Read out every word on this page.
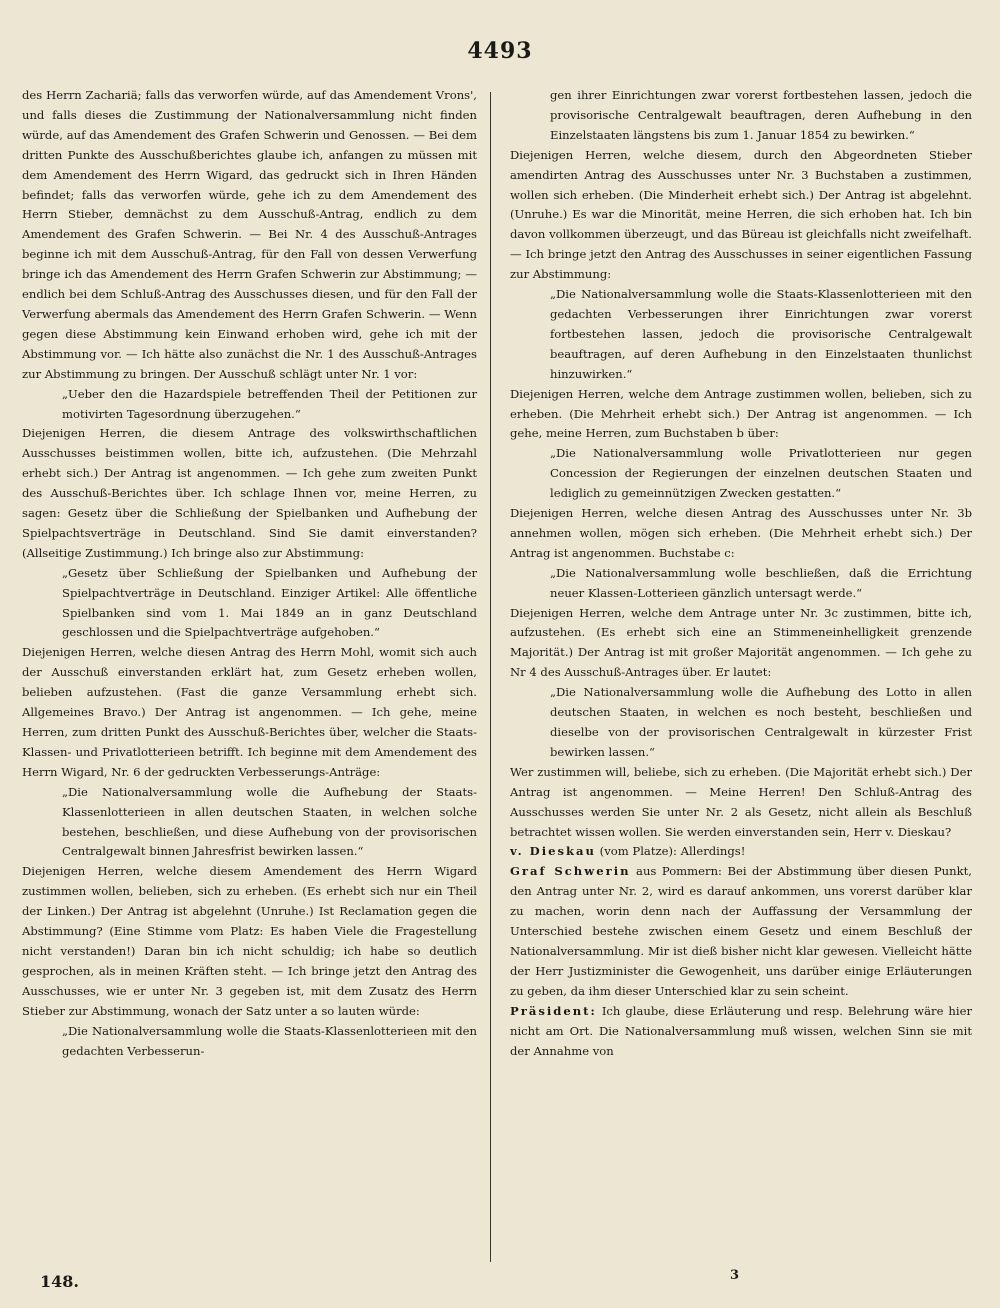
4493

des Herrn Zachariä; falls das verworfen würde, auf das Amendement Vrons', und falls dieses die Zustimmung der Nationalversammlung nicht finden würde, auf das Amendement des Grafen Schwerin und Genossen. — Bei dem dritten Punkte des Ausschußberichtes glaube ich, anfangen zu müssen mit dem Amendement des Herrn Wigard, das gedruckt sich in Ihren Händen befindet; falls das verworfen würde, gehe ich zu dem Amendement des Herrn Stieber, demnächst zu dem Ausschuß-Antrag, endlich zu dem Amendement des Grafen Schwerin. — Bei Nr. 4 des Ausschuß-Antrages beginne ich mit dem Ausschuß-Antrag, für den Fall von dessen Verwerfung bringe ich das Amendement des Herrn Grafen Schwerin zur Abstimmung; — endlich bei dem Schluß-Antrag des Ausschusses diesen, und für den Fall der Verwerfung abermals das Amendement des Herrn Grafen Schwerin. — Wenn gegen diese Abstimmung kein Einwand erhoben wird, gehe ich mit der Abstimmung vor. — Ich hätte also zunächst die Nr. 1 des Ausschuß-Antrages zur Abstimmung zu bringen. Der Ausschuß schlägt unter Nr. 1 vor:

„Ueber den die Hazardspiele betreffenden Theil der Petitionen zur motivirten Tagesordnung überzugehen.“

Diejenigen Herren, die diesem Antrage des volkswirthschaftlichen Ausschusses beistimmen wollen, bitte ich, aufzustehen. (Die Mehrzahl erhebt sich.) Der Antrag ist angenommen. — Ich gehe zum zweiten Punkt des Ausschuß-Berichtes über. Ich schlage Ihnen vor, meine Herren, zu sagen: Gesetz über die Schließung der Spielbanken und Aufhebung der Spielpachtsverträge in Deutschland. Sind Sie damit einverstanden? (Allseitige Zustimmung.) Ich bringe also zur Abstimmung:

„Gesetz über Schließung der Spielbanken und Aufhebung der Spielpachtverträge in Deutschland. Einziger Artikel: Alle öffentliche Spielbanken sind vom 1. Mai 1849 an in ganz Deutschland geschlossen und die Spielpachtverträge aufgehoben.“

Diejenigen Herren, welche diesen Antrag des Herrn Mohl, womit sich auch der Ausschuß einverstanden erklärt hat, zum Gesetz erheben wollen, belieben aufzustehen. (Fast die ganze Versammlung erhebt sich. Allgemeines Bravo.) Der Antrag ist angenommen. — Ich gehe, meine Herren, zum dritten Punkt des Ausschuß-Berichtes über, welcher die Staats-Klassen- und Privatlotterieen betrifft. Ich beginne mit dem Amendement des Herrn Wigard, Nr. 6 der gedruckten Verbesserungs-Anträge:

„Die Nationalversammlung wolle die Aufhebung der Staats-Klassenlotterieen in allen deutschen Staaten, in welchen solche bestehen, beschließen, und diese Aufhebung von der provisorischen Centralgewalt binnen Jahresfrist bewirken lassen.“

Diejenigen Herren, welche diesem Amendement des Herrn Wigard zustimmen wollen, belieben, sich zu erheben. (Es erhebt sich nur ein Theil der Linken.) Der Antrag ist abgelehnt (Unruhe.) Ist Reclamation gegen die Abstimmung? (Eine Stimme vom Platz: Es haben Viele die Fragestellung nicht verstanden!) Daran bin ich nicht schuldig; ich habe so deutlich gesprochen, als in meinen Kräften steht. — Ich bringe jetzt den Antrag des Ausschusses, wie er unter Nr. 3 gegeben ist, mit dem Zusatz des Herrn Stieber zur Abstimmung, wonach der Satz unter a so lauten würde:

„Die Nationalversammlung wolle die Staats-Klassenlotterieen mit den gedachten Verbesserun-

gen ihrer Einrichtungen zwar vorerst fortbestehen lassen, jedoch die provisorische Centralgewalt beauftragen, deren Aufhebung in den Einzelstaaten längstens bis zum 1. Januar 1854 zu bewirken.“

Diejenigen Herren, welche diesem, durch den Abgeordneten Stieber amendirten Antrag des Ausschusses unter Nr. 3 Buchstaben a zustimmen, wollen sich erheben. (Die Minderheit erhebt sich.) Der Antrag ist abgelehnt. (Unruhe.) Es war die Minorität, meine Herren, die sich erhoben hat. Ich bin davon vollkommen überzeugt, und das Büreau ist gleichfalls nicht zweifelhaft. — Ich bringe jetzt den Antrag des Ausschusses in seiner eigentlichen Fassung zur Abstimmung:

„Die Nationalversammlung wolle die Staats-Klassenlotterieen mit den gedachten Verbesserungen ihrer Einrichtungen zwar vorerst fortbestehen lassen, jedoch die provisorische Centralgewalt beauftragen, auf deren Aufhebung in den Einzelstaaten thunlichst hinzuwirken.“

Diejenigen Herren, welche dem Antrage zustimmen wollen, belieben, sich zu erheben. (Die Mehrheit erhebt sich.) Der Antrag ist angenommen. — Ich gehe, meine Herren, zum Buchstaben b über:

„Die Nationalversammlung wolle Privatlotterieen nur gegen Concession der Regierungen der einzelnen deutschen Staaten und lediglich zu gemeinnützigen Zwecken gestatten.“

Diejenigen Herren, welche diesen Antrag des Ausschusses unter Nr. 3b annehmen wollen, mögen sich erheben. (Die Mehrheit erhebt sich.) Der Antrag ist angenommen. Buchstabe c:

„Die Nationalversammlung wolle beschließen, daß die Errichtung neuer Klassen-Lotterieen gänzlich untersagt werde.“

Diejenigen Herren, welche dem Antrage unter Nr. 3c zustimmen, bitte ich, aufzustehen. (Es erhebt sich eine an Stimmeneinhelligkeit grenzende Majorität.) Der Antrag ist mit großer Majorität angenommen. — Ich gehe zu Nr 4 des Ausschuß-Antrages über. Er lautet:

„Die Nationalversammlung wolle die Aufhebung des Lotto in allen deutschen Staaten, in welchen es noch besteht, beschließen und dieselbe von der provisorischen Centralgewalt in kürzester Frist bewirken lassen.“

Wer zustimmen will, beliebe, sich zu erheben. (Die Majorität erhebt sich.) Der Antrag ist angenommen. — Meine Herren! Den Schluß-Antrag des Ausschusses werden Sie unter Nr. 2 als Gesetz, nicht allein als Beschluß betrachtet wissen wollen. Sie werden einverstanden sein, Herr v. Dieskau?

v. Dieskau (vom Platze): Allerdings!

Graf Schwerin aus Pommern: Bei der Abstimmung über diesen Punkt, den Antrag unter Nr. 2, wird es darauf ankommen, uns vorerst darüber klar zu machen, worin denn nach der Auffassung der Versammlung der Unterschied bestehe zwischen einem Gesetz und einem Beschluß der Nationalversammlung. Mir ist dieß bisher nicht klar gewesen. Vielleicht hätte der Herr Justizminister die Gewogenheit, uns darüber einige Erläuterungen zu geben, da ihm dieser Unterschied klar zu sein scheint.

Präsident: Ich glaube, diese Erläuterung und resp. Belehrung wäre hier nicht am Ort. Die Nationalversammlung muß wissen, welchen Sinn sie mit der Annahme von

148.	3
